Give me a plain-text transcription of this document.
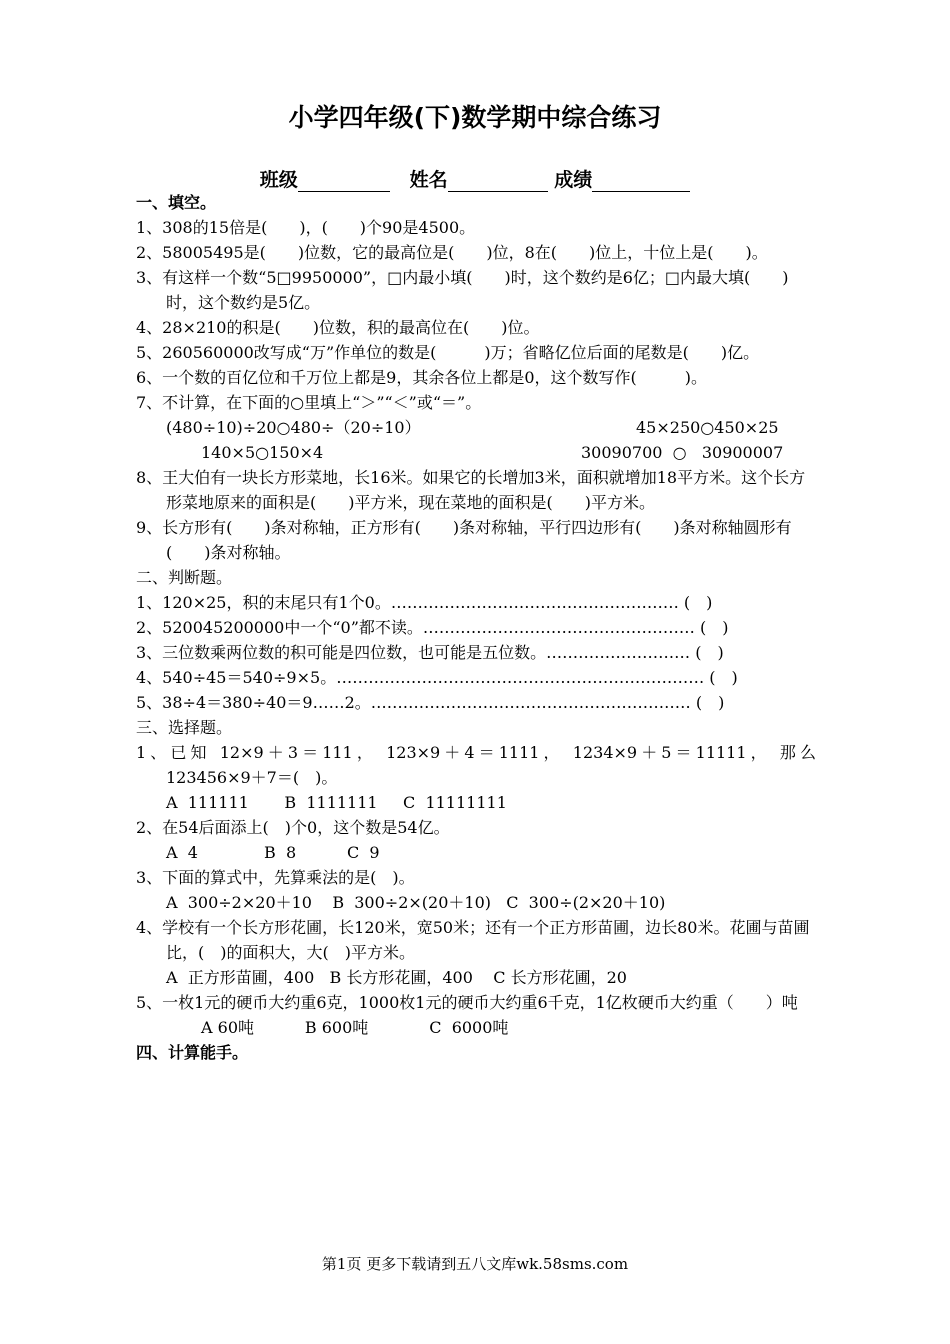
小学四年级(下)数学期中综合练习
班级	姓名	成绩
一、填空。
1、308的15倍是(　　)，(　　)个90是4500。
2、58005495是(　　)位数，它的最高位是(　　)位，8在(　　)位上，十位上是(　　)。
3、有这样一个数“5□9950000”，□内最小填(　　)时，这个数约是6亿；□内最大填(　　)时，这个数约是5亿。
4、28×210的积是(　　)位数，积的最高位在(　　)位。
5、260560000改写成“万”作单位的数是(　　　)万；省略亿位后面的尾数是(　　)亿。
6、一个数的百亿位和千万位上都是9，其余各位上都是0，这个数写作(　　　)。
7、不计算，在下面的○里填上“＞”“＜”或“＝”。
(480÷10)÷20○480÷（20÷10）	45×250○450×25
140×5○150×4	30090700  ○   30900007
8、王大伯有一块长方形菜地，长16米。如果它的长增加3米，面积就增加18平方米。这个长方形菜地原来的面积是(　　)平方米，现在菜地的面积是(　　)平方米。
9、长方形有(　　)条对称轴，正方形有(　　)条对称轴，平行四边形有(　　)条对称轴圆形有(　　)条对称轴。
二、判断题。
1、120×25，积的末尾只有1个0。……………………………………………… (　)
2、520045200000中一个“0”都不读。…………………………………………… (　)
3、三位数乘两位数的积可能是四位数，也可能是五位数。……………………… (　)
4、540÷45＝540÷9×5。…………………………………………………………… (　)
5、38÷4＝380÷40＝9……2。…………………………………………………… (　)
三、选择题。
1、已知 12×9＋3＝111， 123×9＋4＝1111， 1234×9＋5＝11111， 那么
123456×9＋7＝(　)。
A  111111       B  1111111     C  11111111
2、在54后面添上(　)个0，这个数是54亿。
A  4             B  8          C  9
3、下面的算式中，先算乘法的是(　)。
A  300÷2×20＋10    B  300÷2×(20＋10)   C  300÷(2×20＋10)
4、学校有一个长方形花圃，长120米，宽50米；还有一个正方形苗圃，边长80米。花圃与苗圃比，(　)的面积大，大(　)平方米。
A  正方形苗圃，400   B 长方形花圃，400    C 长方形花圃，20
5、一枚1元的硬币大约重6克，1000枚1元的硬币大约重6千克，1亿枚硬币大约重（　　）吨
A 60吨          B 600吨            C  6000吨
四、计算能手。
第1页 更多下载请到五八文库wk.58sms.com
